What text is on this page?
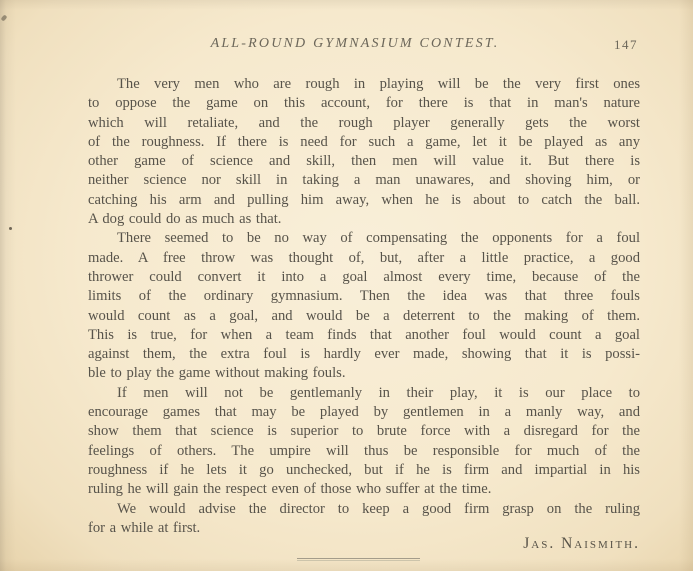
ALL-ROUND GYMNASIUM CONTEST.	147
The very men who are rough in playing will be the very first ones
to oppose the game on this account, for there is that in man's nature
which will retaliate, and the rough player generally gets the worst
of the roughness. If there is need for such a game, let it be played as any
other game of science and skill, then men will value it. But there is
neither science nor skill in taking a man unawares, and shoving him, or
catching his arm and pulling him away, when he is about to catch the ball.
A dog could do as much as that.
There seemed to be no way of compensating the opponents for a foul
made. A free throw was thought of, but, after a little practice, a good
thrower could convert it into a goal almost every time, because of the
limits of the ordinary gymnasium. Then the idea was that three fouls
would count as a goal, and would be a deterrent to the making of them.
This is true, for when a team finds that another foul would count a goal
against them, the extra foul is hardly ever made, showing that it is possi-
ble to play the game without making fouls.
If men will not be gentlemanly in their play, it is our place to
encourage games that may be played by gentlemen in a manly way, and
show them that science is superior to brute force with a disregard for the
feelings of others. The umpire will thus be responsible for much of the
roughness if he lets it go unchecked, but if he is firm and impartial in his
ruling he will gain the respect even of those who suffer at the time.
We would advise the director to keep a good firm grasp on the ruling
for a while at first.
Jas. Naismith.
